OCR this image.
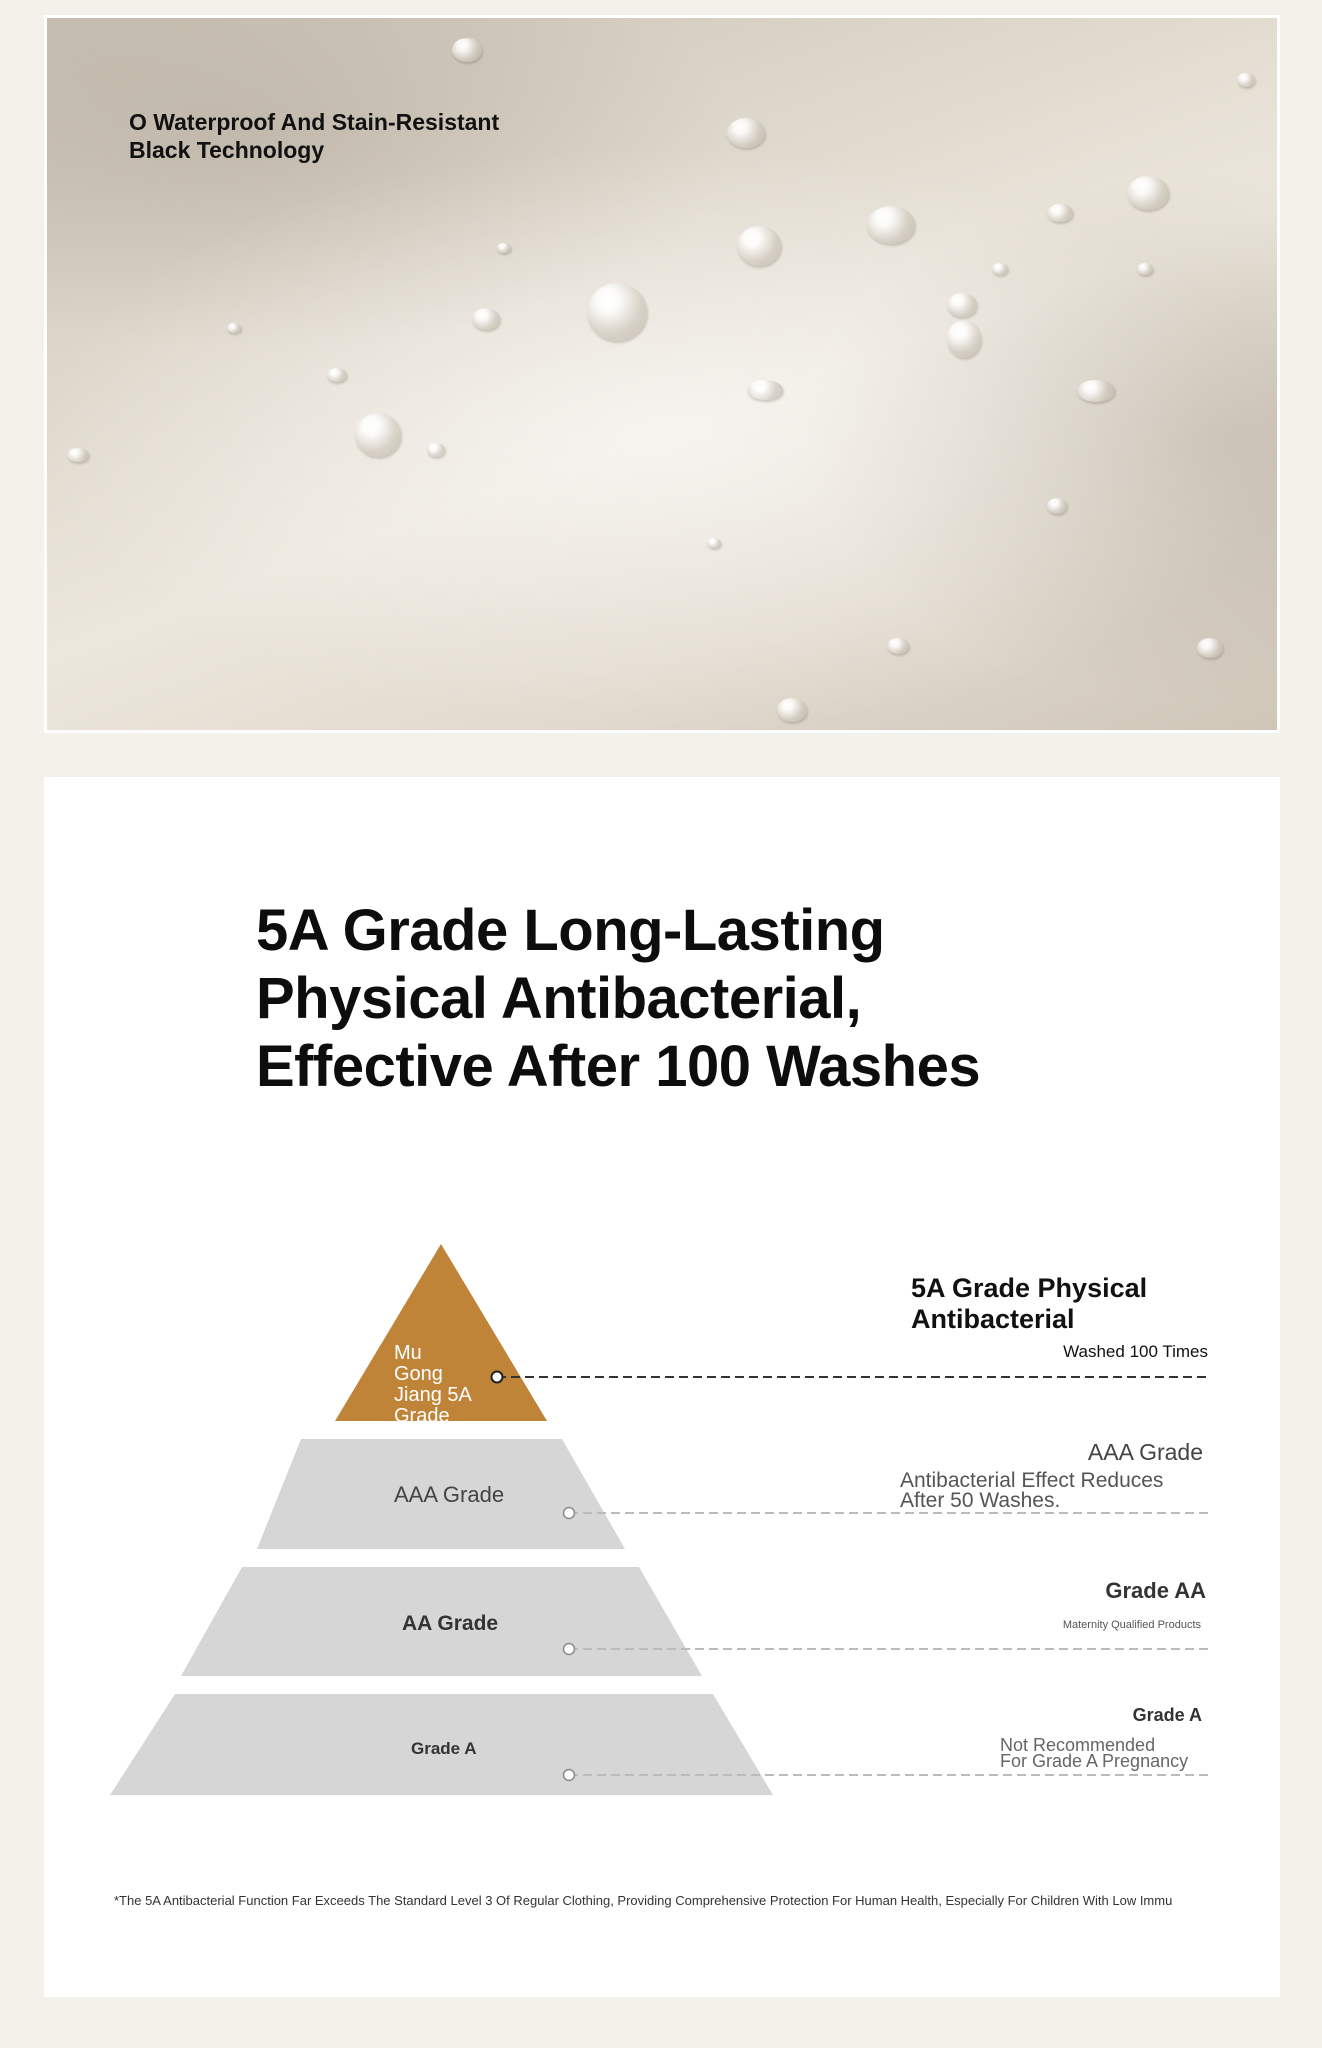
O Waterproof And Stain-Resistant
Black Technology

5A Grade Long-Lasting
Physical Antibacterial,
Effective After 100 Washes
Mu Gong Jiang 5A Grade
AAA Grade
AA Grade
Grade A
5A Grade Physical Antibacterial
Washed 100 Times
AAA Grade
Antibacterial Effect Reduces After 50 Washes.
Grade AA
Maternity Qualified Products
Grade A
Not Recommended For Grade A Pregnancy
*The 5A Antibacterial Function Far Exceeds The Standard Level 3 Of Regular Clothing, Providing Comprehensive Protection For Human Health, Especially For Children With Low Immu
